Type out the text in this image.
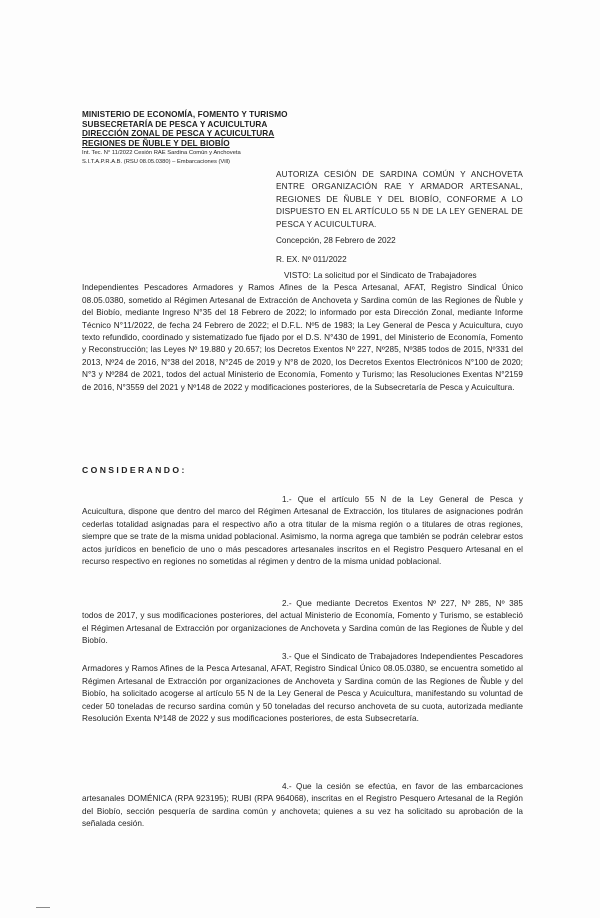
MINISTERIO DE ECONOMÍA, FOMENTO Y TURISMO
SUBSECRETARÍA DE PESCA Y ACUICULTURA
DIRECCIÓN ZONAL DE PESCA Y ACUICULTURA
REGIONES DE ÑUBLE Y DEL BIOBÍO
Int. Tec. N° 11/2022 Cesión RAE Sardina Común y Anchoveta
S.I.T.A.P.R.A.B. (RSU 08.05.0380) – Embarcaciones (Vill)
AUTORIZA CESIÓN DE SARDINA COMÚN Y ANCHOVETA ENTRE ORGANIZACIÓN RAE Y ARMADOR ARTESANAL, REGIONES DE ÑUBLE Y DEL BIOBÍO, CONFORME A LO DISPUESTO EN EL ARTÍCULO 55 N DE LA LEY GENERAL DE PESCA Y ACUICULTURA.
Concepción, 28 Febrero de 2022
R. EX. Nº 011/2022
VISTO: La solicitud por el Sindicato de Trabajadores
Independientes Pescadores Armadores y Ramos Afines de la Pesca Artesanal, AFAT, Registro Sindical Único 08.05.0380, sometido al Régimen Artesanal de Extracción de Anchoveta y Sardina común de las Regiones de Ñuble y del Biobío, mediante Ingreso N°35 del 18 Febrero de 2022; lo informado por esta Dirección Zonal, mediante Informe Técnico N°11/2022, de fecha 24 Febrero de 2022; el D.F.L. Nº5 de 1983; la Ley General de Pesca y Acuicultura, cuyo texto refundido, coordinado y sistematizado fue fijado por el D.S. N°430 de 1991, del Ministerio de Economía, Fomento y Reconstrucción; las Leyes Nº 19.880 y 20.657; los Decretos Exentos Nº 227, Nº285, Nº385 todos de 2015, Nº331 del 2013, Nº24 de 2016, N°38 del 2018, N°245 de 2019 y N°8 de 2020, los Decretos Exentos Electrónicos N°100 de 2020; N°3 y Nº284 de 2021, todos del actual Ministerio de Economía, Fomento y Turismo; las Resoluciones Exentas N°2159 de 2016, N°3559 del 2021 y Nº148 de 2022 y modificaciones posteriores, de la Subsecretaría de Pesca y Acuicultura.
CONSIDERANDO:
1.- Que el artículo 55 N de la Ley General de Pesca y Acuicultura, dispone que dentro del marco del Régimen Artesanal de Extracción, los titulares de asignaciones podrán cederlas totalidad asignadas para el respectivo año a otra titular de la misma región o a titulares de otras regiones, siempre que se trate de la misma unidad poblacional. Asimismo, la norma agrega que también se podrán celebrar estos actos jurídicos en beneficio de uno o más pescadores artesanales inscritos en el Registro Pesquero Artesanal en el recurso respectivo en regiones no sometidas al régimen y dentro de la misma unidad poblacional.
2.- Que mediante Decretos Exentos Nº 227, Nº 285, Nº 385 todos de 2017, y sus modificaciones posteriores, del actual Ministerio de Economía, Fomento y Turismo, se estableció el Régimen Artesanal de Extracción por organizaciones de Anchoveta y Sardina común de las Regiones de Ñuble y del Biobío.
3.- Que el Sindicato de Trabajadores Independientes Pescadores Armadores y Ramos Afines de la Pesca Artesanal, AFAT, Registro Sindical Único 08.05.0380, se encuentra sometido al Régimen Artesanal de Extracción por organizaciones de Anchoveta y Sardina común de las Regiones de Ñuble y del Biobío, ha solicitado acogerse al artículo 55 N de la Ley General de Pesca y Acuicultura, manifestando su voluntad de ceder 50 toneladas de recurso sardina común y 50 toneladas del recurso anchoveta de su cuota, autorizada mediante Resolución Exenta Nº148 de 2022 y sus modificaciones posteriores, de esta Subsecretaría.
4.- Que la cesión se efectúa, en favor de las embarcaciones artesanales DOMÉNICA (RPA 923195); RUBI (RPA 964068), inscritas en el Registro Pesquero Artesanal de la Región del Biobío, sección pesquería de sardina común y anchoveta; quienes a su vez ha solicitado su aprobación de la señalada cesión.
